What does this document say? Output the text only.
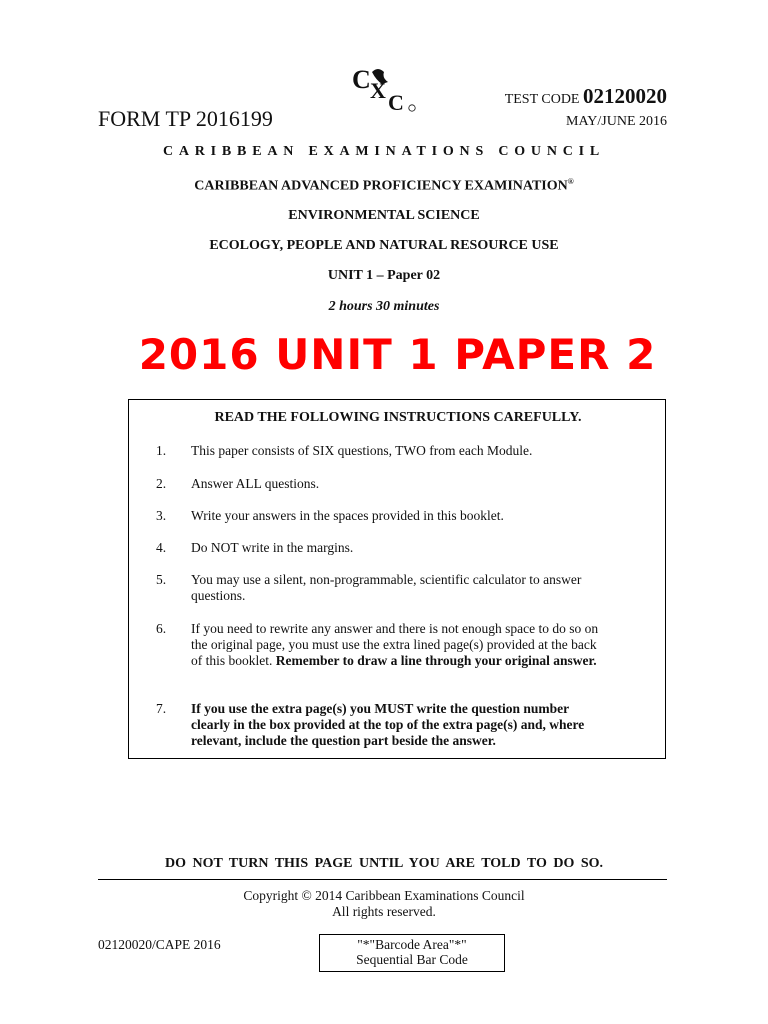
C X C	TEST CODE 02120020
FORM TP 2016199	MAY/JUNE 2016
CARIBBEAN EXAMINATIONS COUNCIL
CARIBBEAN ADVANCED PROFICIENCY EXAMINATION®
ENVIRONMENTAL SCIENCE
ECOLOGY, PEOPLE AND NATURAL RESOURCE USE
UNIT 1 – Paper 02
2 hours 30 minutes
2016 UNIT 1 PAPER 2
READ THE FOLLOWING INSTRUCTIONS CAREFULLY.
1. This paper consists of SIX questions, TWO from each Module.
2. Answer ALL questions.
3. Write your answers in the spaces provided in this booklet.
4. Do NOT write in the margins.
5. You may use a silent, non-programmable, scientific calculator to answer questions.
6. If you need to rewrite any answer and there is not enough space to do so on the original page, you must use the extra lined page(s) provided at the back of this booklet. Remember to draw a line through your original answer.
7. If you use the extra page(s) you MUST write the question number clearly in the box provided at the top of the extra page(s) and, where relevant, include the question part beside the answer.
DO NOT TURN THIS PAGE UNTIL YOU ARE TOLD TO DO SO.
Copyright © 2014 Caribbean Examinations Council
All rights reserved.
02120020/CAPE 2016	"*"Barcode Area"*"
Sequential Bar Code
